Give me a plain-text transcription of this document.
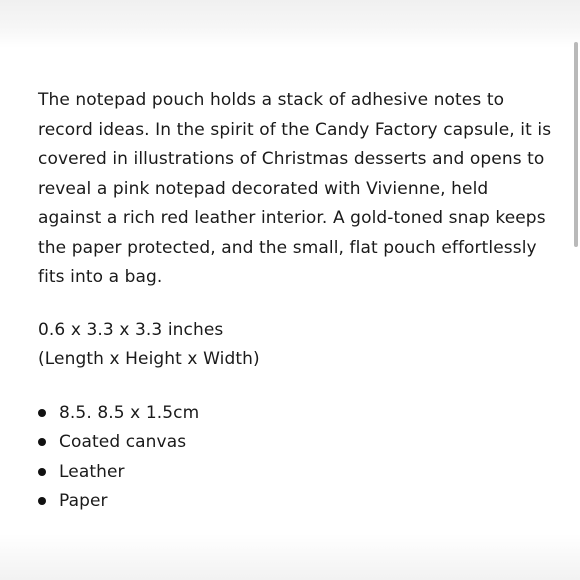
The notepad pouch holds a stack of adhesive notes to

record ideas. In the spirit of the Candy Factory capsule, it is

covered in illustrations of Christmas desserts and opens to

reveal a pink notepad decorated with Vivienne, held

against a rich red leather interior. A gold-toned snap keeps

the paper protected, and the small, flat pouch effortlessly

fits into a bag.

0.6 x 3.3 x 3.3 inches

(Length x Height x Width)

8.5. 8.5 x 1.5cm
Coated canvas
Leather
Paper
